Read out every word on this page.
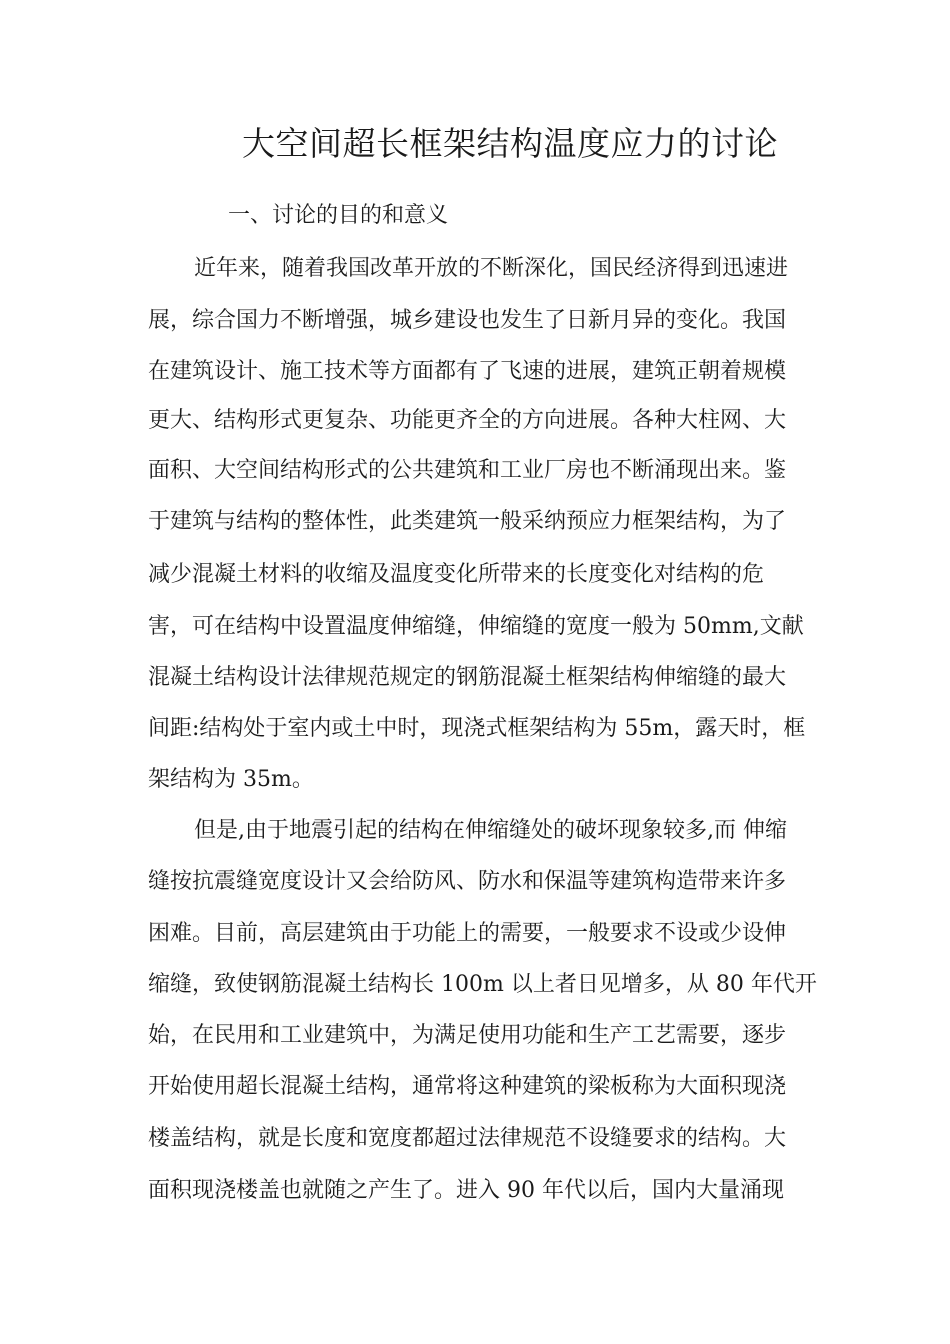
大空间超长框架结构温度应力的讨论
一、讨论的目的和意义
近年来，随着我国改革开放的不断深化，国民经济得到迅速进
展，综合国力不断增强，城乡建设也发生了日新月异的变化。我国
在建筑设计、施工技术等方面都有了飞速的进展，建筑正朝着规模
更大、结构形式更复杂、功能更齐全的方向进展。各种大柱网、大
面积、大空间结构形式的公共建筑和工业厂房也不断涌现出来。鉴
于建筑与结构的整体性，此类建筑一般采纳预应力框架结构，为了
减少混凝土材料的收缩及温度变化所带来的长度变化对结构的危
害，可在结构中设置温度伸缩缝，伸缩缝的宽度一般为 50mm,文献
混凝土结构设计法律规范规定的钢筋混凝土框架结构伸缩缝的最大
间距:结构处于室内或土中时，现浇式框架结构为 55m，露天时，框
架结构为 35m。
但是,由于地震引起的结构在伸缩缝处的破坏现象较多,而 伸缩
缝按抗震缝宽度设计又会给防风、防水和保温等建筑构造带来许多
困难。目前，高层建筑由于功能上的需要，一般要求不设或少设伸
缩缝，致使钢筋混凝土结构长 100m 以上者日见增多，从 80 年代开
始，在民用和工业建筑中，为满足使用功能和生产工艺需要，逐步
开始使用超长混凝土结构，通常将这种建筑的梁板称为大面积现浇
楼盖结构，就是长度和宽度都超过法律规范不设缝要求的结构。大
面积现浇楼盖也就随之产生了。进入 90 年代以后，国内大量涌现
